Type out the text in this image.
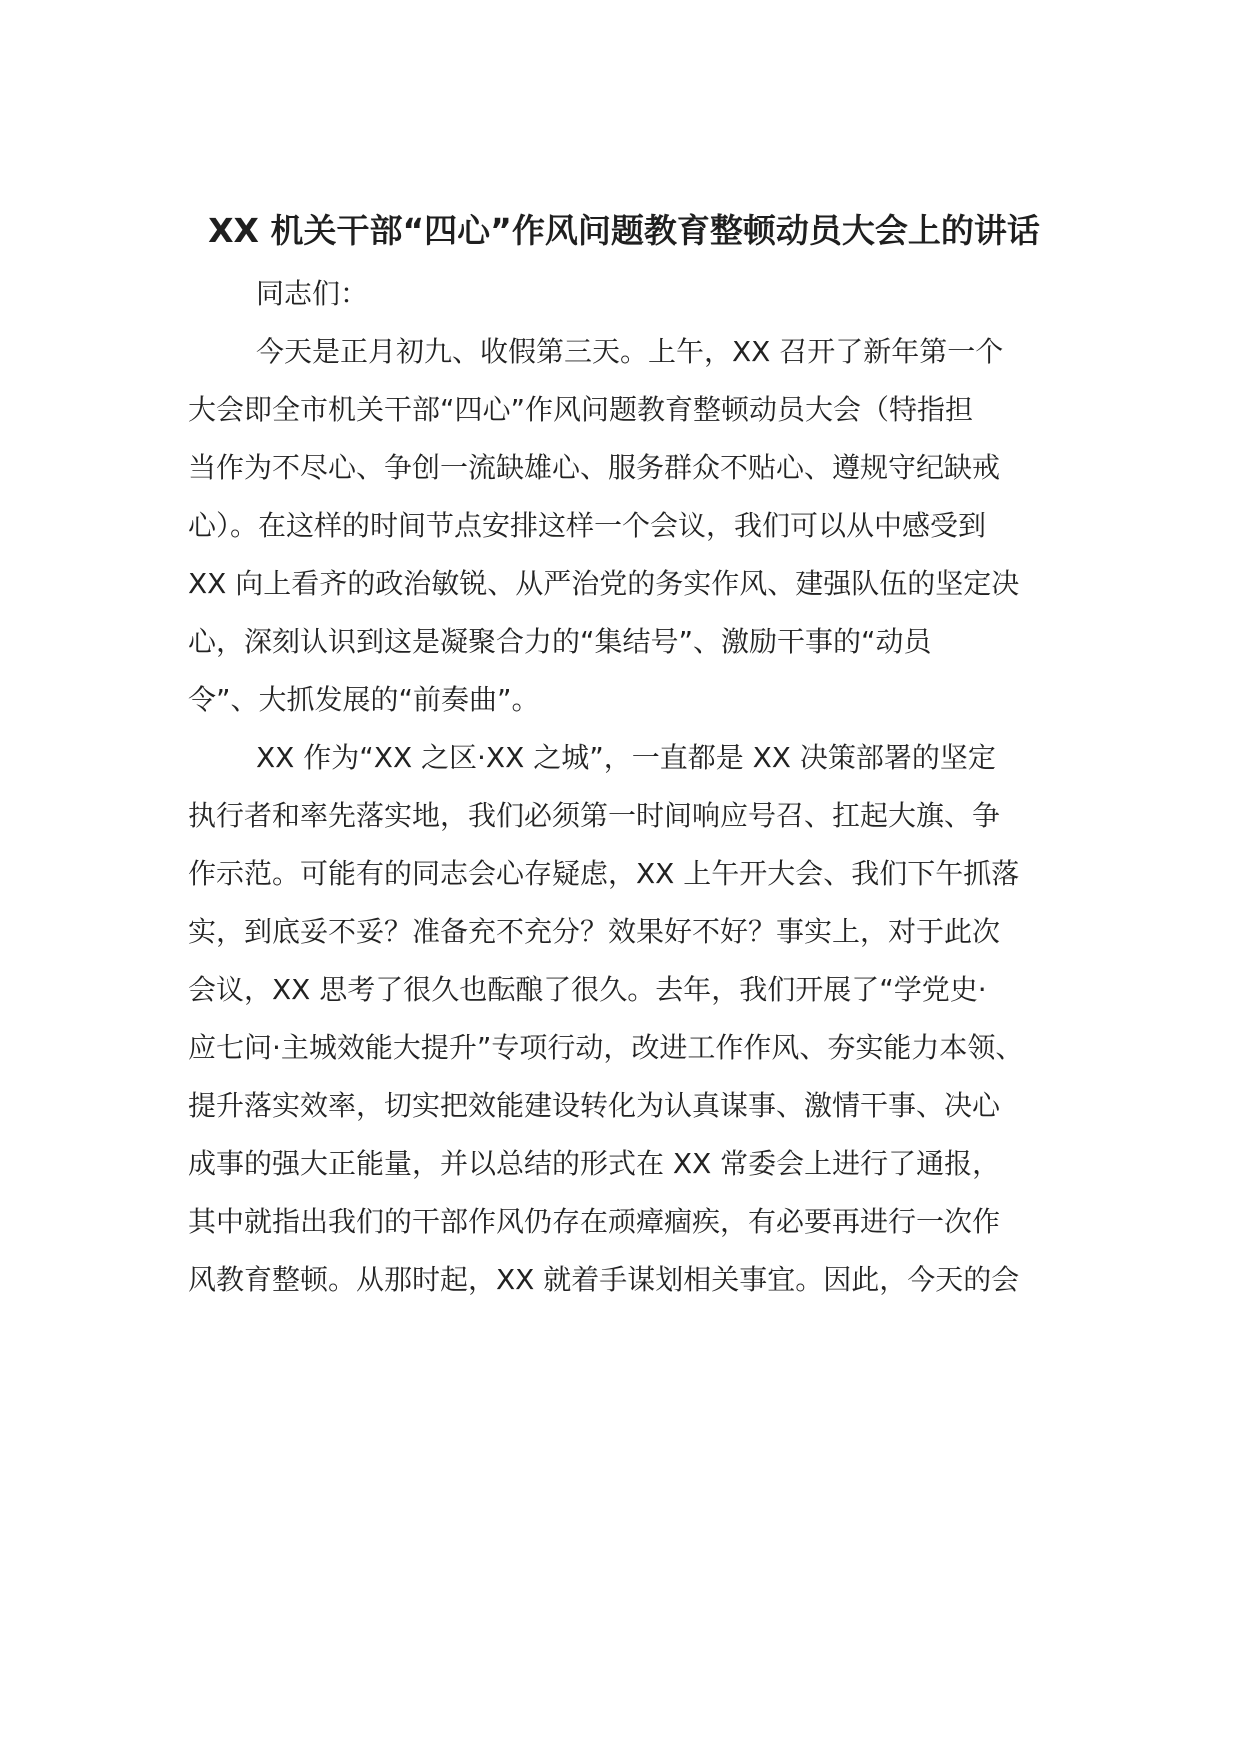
XX 机关干部“四心”作风问题教育整顿动员大会上的讲话
同志们：
今天是正月初九、收假第三天。上午，XX 召开了新年第一个
大会即全市机关干部“四心”作风问题教育整顿动员大会（特指担
当作为不尽心、争创一流缺雄心、服务群众不贴心、遵规守纪缺戒
心）。在这样的时间节点安排这样一个会议，我们可以从中感受到
XX 向上看齐的政治敏锐、从严治党的务实作风、建强队伍的坚定决
心，深刻认识到这是凝聚合力的“集结号”、激励干事的“动员
令”、大抓发展的“前奏曲”。
XX 作为“XX 之区·XX 之城”，一直都是 XX 决策部署的坚定
执行者和率先落实地，我们必须第一时间响应号召、扛起大旗、争
作示范。可能有的同志会心存疑虑，XX 上午开大会、我们下午抓落
实，到底妥不妥？准备充不充分？效果好不好？事实上，对于此次
会议，XX 思考了很久也酝酿了很久。去年，我们开展了“学党史·
应七问·主城效能大提升”专项行动，改进工作作风、夯实能力本领、
提升落实效率，切实把效能建设转化为认真谋事、激情干事、决心
成事的强大正能量，并以总结的形式在 XX 常委会上进行了通报，
其中就指出我们的干部作风仍存在顽瘴痼疾，有必要再进行一次作
风教育整顿。从那时起，XX 就着手谋划相关事宜。因此，今天的会
